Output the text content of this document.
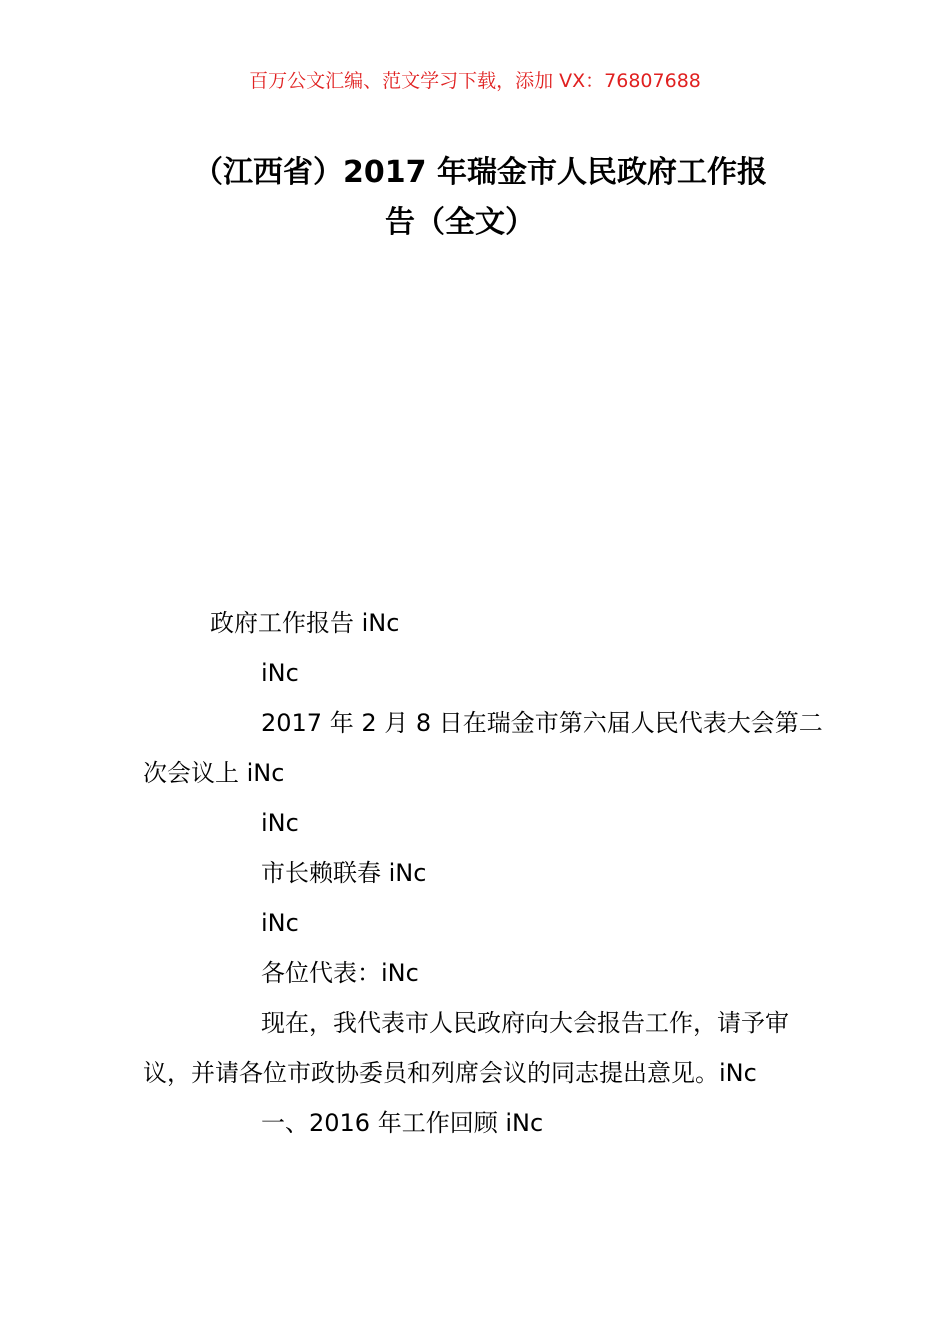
百万公文汇编、范文学习下载，添加 VX：76807688
（江西省）2017 年瑞金市人民政府工作报
告（全文）

政府工作报告 iNc

iNc

2017 年 2 月 8 日在瑞金市第六届人民代表大会第二次会议上 iNc

iNc

市长赖联春 iNc

iNc

各位代表：iNc

现在，我代表市人民政府向大会报告工作，请予审议，并请各位市政协委员和列席会议的同志提出意见。iNc

一、2016 年工作回顾 iNc
